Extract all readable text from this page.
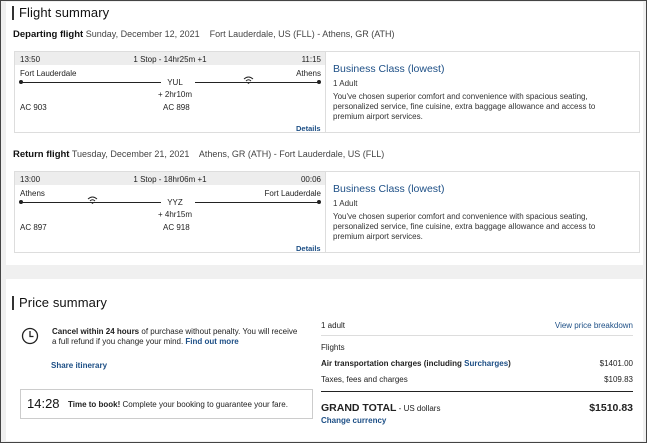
Flight summary
Departing flight Sunday, December 12, 2021 Fort Lauderdale, US (FLL) - Athens, GR (ATH)
13:50	1 Stop - 14hr25m +1	11:15
Fort Lauderdale	Athens
YUL
+ 2hr10m
AC 903	AC 898
Details
Business Class (lowest)
1 Adult
You've chosen superior comfort and convenience with spacious seating, personalized service, fine cuisine, extra baggage allowance and access to premium airport services.
Return flight Tuesday, December 21, 2021 Athens, GR (ATH) - Fort Lauderdale, US (FLL)
13:00	1 Stop - 18hr06m +1	00:06
Athens	Fort Lauderdale
YYZ
+ 4hr15m
AC 897	AC 918
Details
Business Class (lowest)
1 Adult
You've chosen superior comfort and convenience with spacious seating, personalized service, fine cuisine, extra baggage allowance and access to premium airport services.
Price summary
Cancel within 24 hours of purchase without penalty. You will receive
a full refund if you change your mind. Find out more
Share itinerary
14:28 Time to book! Complete your booking to guarantee your fare.
1 adult	View price breakdown
Flights
Air transportation charges (including Surcharges)	$1401.00
Taxes, fees and charges	$109.83
GRAND TOTAL - US dollars	$1510.83
Change currency
